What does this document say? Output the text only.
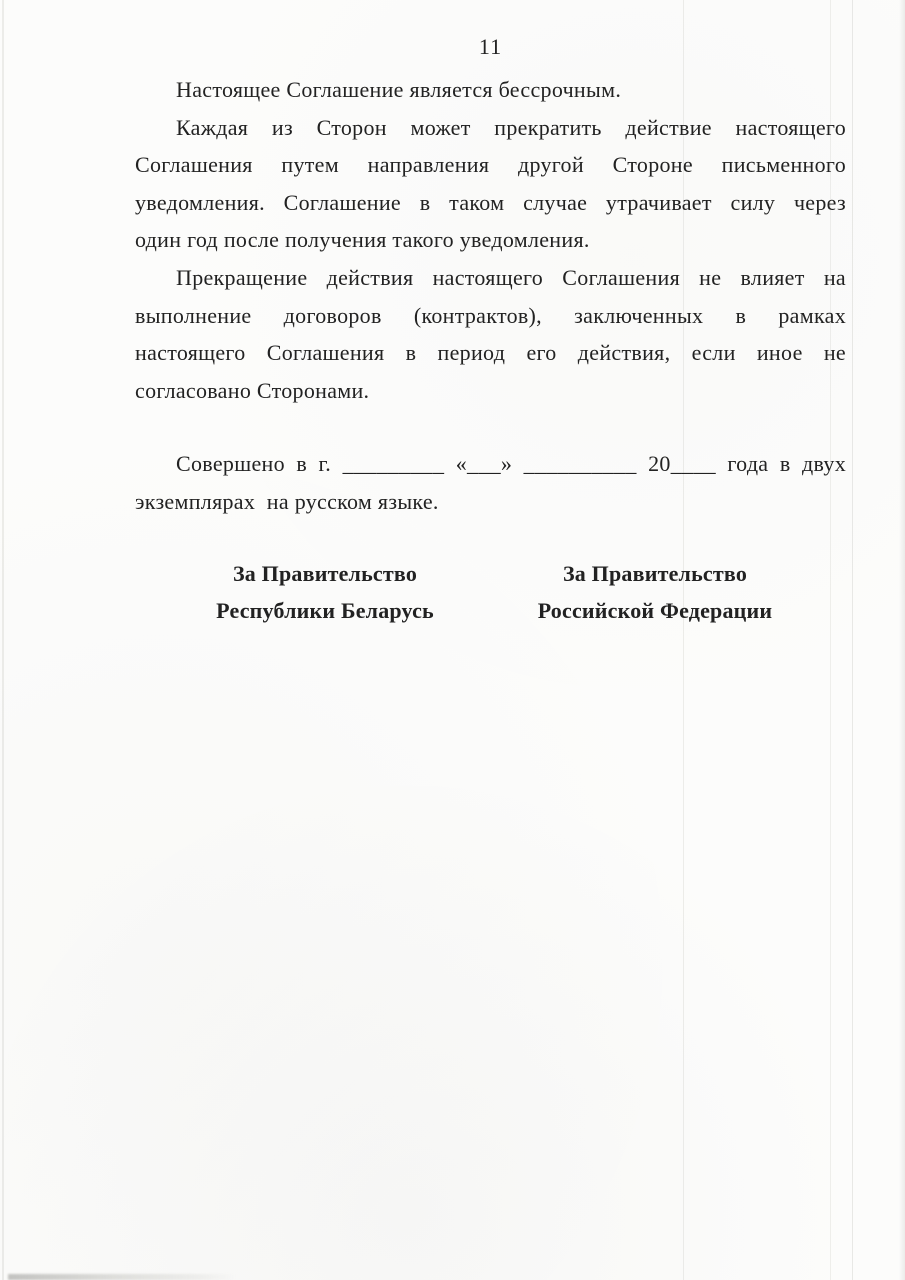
11
Настоящее Соглашение является бессрочным.
Каждая из Сторон может прекратить действие настоящего
Соглашения путем направления другой Стороне письменного
уведомления. Соглашение в таком случае утрачивает силу через
один год после получения такого уведомления.
Прекращение действия настоящего Соглашения не влияет на
выполнение договоров (контрактов), заключенных в рамках
настоящего Соглашения в период его действия, если иное не
согласовано Сторонами.
Совершено в г. _________ «___» __________ 20____ года в двух
экземплярах  на русском языке.
За Правительство
Республики Беларусь
За Правительство
Российской Федерации
